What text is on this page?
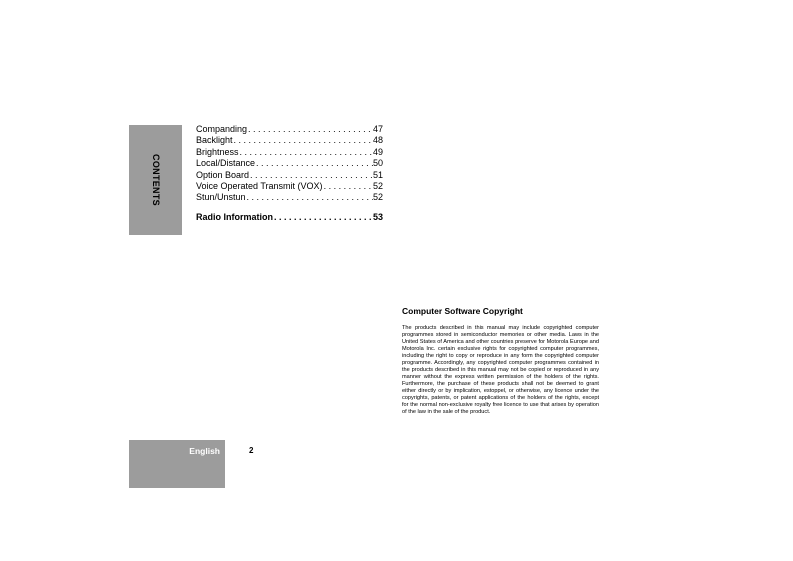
CONTENTS
Companding . . .	47
Backlight . . .	48
Brightness . . .	49
Local/Distance . . .	50
Option Board . . .	51
Voice Operated Transmit (VOX) . . .	52
Stun/Unstun . . .	52
Radio Information . . .	53
Computer Software Copyright

The products described in this manual may include copyrighted computer programmes stored in semiconductor memories or other media. Laws in the United States of America and other countries preserve for Motorola Europe and Motorola Inc. certain exclusive rights for copyrighted computer programmes, including the right to copy or reproduce in any form the copyrighted computer programme. Accordingly, any copyrighted computer programmes contained in the products described in this manual may not be copied or reproduced in any manner without the express written permission of the holders of the rights. Furthermore, the purchase of these products shall not be deemed to grant either directly or by implication, estoppel, or otherwise, any licence under the copyrights, patents, or patent applications of the holders of the rights, except for the normal non-exclusive royalty free licence to use that arises by operation of the law in the sale of the product.

English	2
